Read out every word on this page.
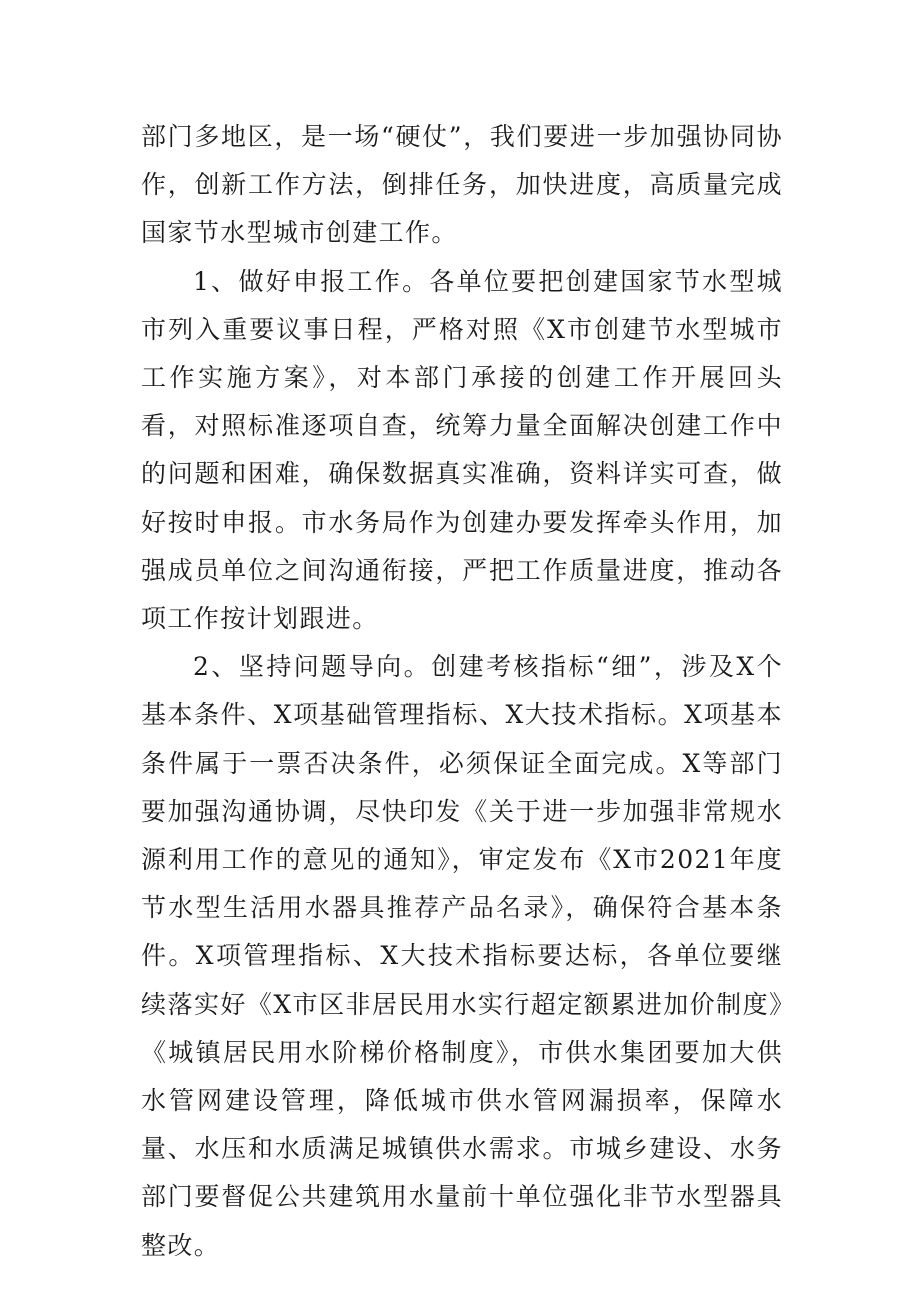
部门多地区，是一场“硬仗”，我们要进一步加强协同协作，创新工作方法，倒排任务，加快进度，高质量完成国家节水型城市创建工作。

1、做好申报工作。各单位要把创建国家节水型城市列入重要议事日程，严格对照《X市创建节水型城市工作实施方案》，对本部门承接的创建工作开展回头看，对照标准逐项自查，统筹力量全面解决创建工作中的问题和困难，确保数据真实准确，资料详实可查，做好按时申报。市水务局作为创建办要发挥牵头作用，加强成员单位之间沟通衔接，严把工作质量进度，推动各项工作按计划跟进。

2、坚持问题导向。创建考核指标“细”，涉及X个基本条件、X项基础管理指标、X大技术指标。X项基本条件属于一票否决条件，必须保证全面完成。X等部门要加强沟通协调，尽快印发《关于进一步加强非常规水源利用工作的意见的通知》，审定发布《X市2021年度节水型生活用水器具推荐产品名录》，确保符合基本条件。X项管理指标、X大技术指标要达标，各单位要继续落实好《X市区非居民用水实行超定额累进加价制度》《城镇居民用水阶梯价格制度》，市供水集团要加大供水管网建设管理，降低城市供水管网漏损率，保障水量、水压和水质满足城镇供水需求。市城乡建设、水务部门要督促公共建筑用水量前十单位强化非节水型器具整改。
